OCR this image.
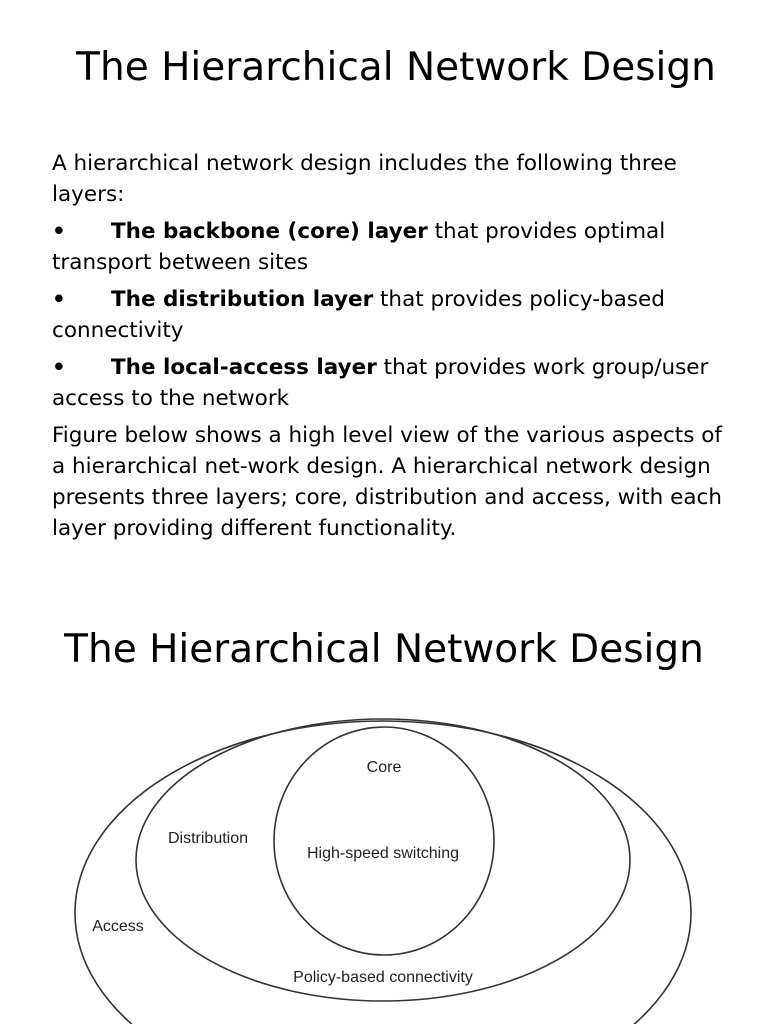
The Hierarchical Network Design

A hierarchical network design includes the following three layers:

• The backbone (core) layer that provides optimal transport between sites

• The distribution layer that provides policy-based connectivity

• The local-access layer that provides work group/user access to the network

Figure below shows a high level view of the various aspects of a hierarchical net-work design. A hierarchical network design presents three layers; core, distribution and access, with each layer providing different functionality.

The Hierarchical Network Design
Core
High-speed switching
Distribution
Access
Policy-based connectivity
